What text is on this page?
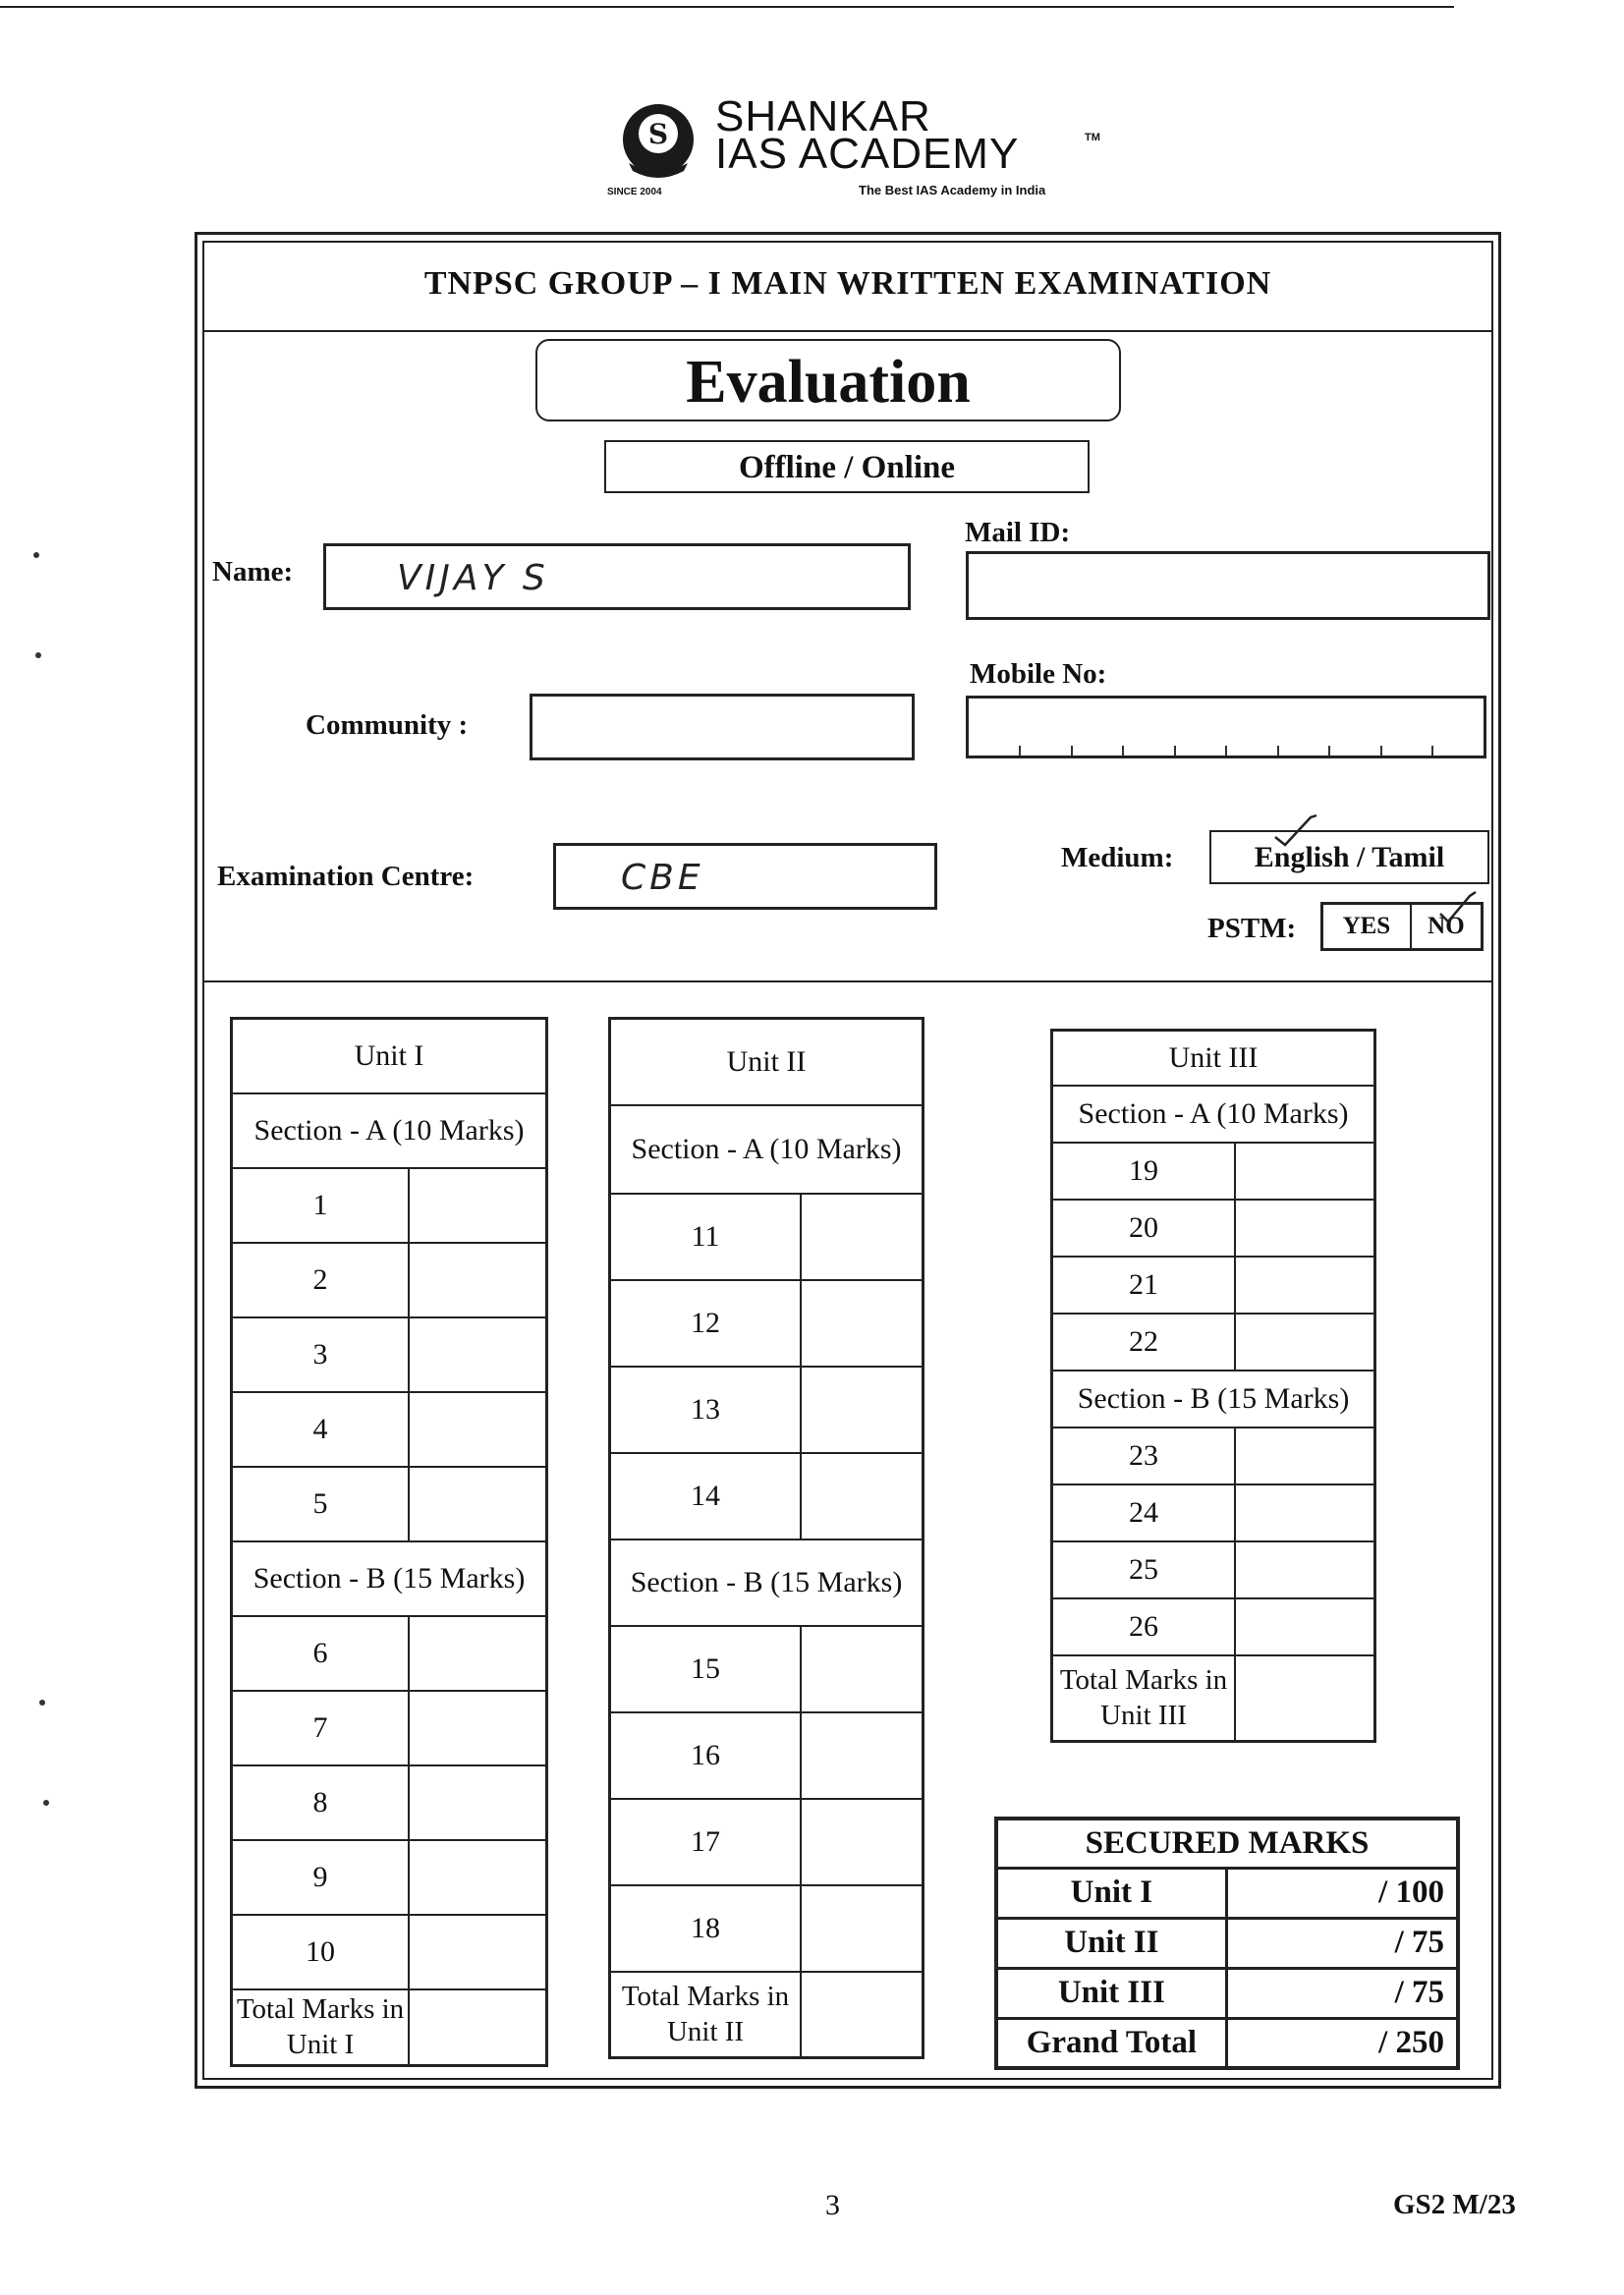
S
SINCE 2004
SHANKAR
IAS ACADEMY	TM
The Best IAS Academy in India
TNPSC GROUP – I MAIN WRITTEN EXAMINATION
Evaluation
Offline / Online
Name:	VIJAY S
Mail ID:
Community :
Mobile No:
Examination Centre:	CBE	Medium:	English / Tamil
PSTM:	YES	NO
Unit I	
Section - A (10 Marks)	
1	
2	
3	
4	
5	
Section - B (15 Marks)	
6	
7	
8	
9	
10	
Total Marks in Unit I	
Unit II	
Section - A (10 Marks)	
11	
12	
13	
14	
Section - B (15 Marks)	
15	
16	
17	
18	
Total Marks in Unit II	
Unit III	
Section - A (10 Marks)	
19	
20	
21	
22	
Section - B (15 Marks)	
23	
24	
25	
26	
Total Marks in Unit III	
SECURED MARKS	
Unit I	/ 100
Unit II	/ 75
Unit III	/ 75
Grand Total	/ 250
3	GS2 M/23
